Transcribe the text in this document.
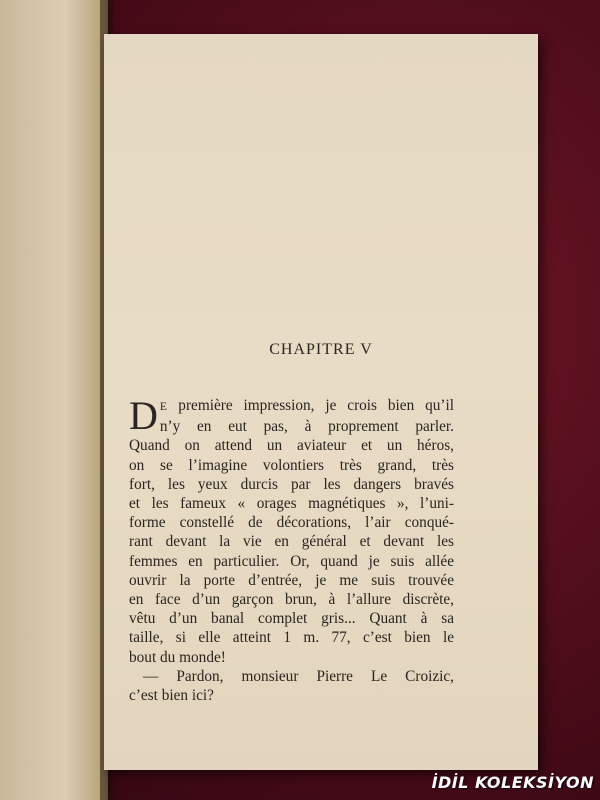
CHAPITRE V
D E première impression, je crois bien qu’il
n’y en eut pas, à proprement parler.
Quand on attend un aviateur et un héros,
on se l’imagine volontiers très grand, très
fort, les yeux durcis par les dangers bravés
et les fameux « orages magnétiques », l’uni-
forme constellé de décorations, l’air conqué-
rant devant la vie en général et devant les
femmes en particulier. Or, quand je suis allée
ouvrir la porte d’entrée, je me suis trouvée
en face d’un garçon brun, à l’allure discrète,
vêtu d’un banal complet gris... Quant à sa
taille, si elle atteint 1 m. 77, c’est bien le
bout du monde!
— Pardon, monsieur Pierre Le Croizic,
c’est bien ici?
İDİL KOLEKSİYON
